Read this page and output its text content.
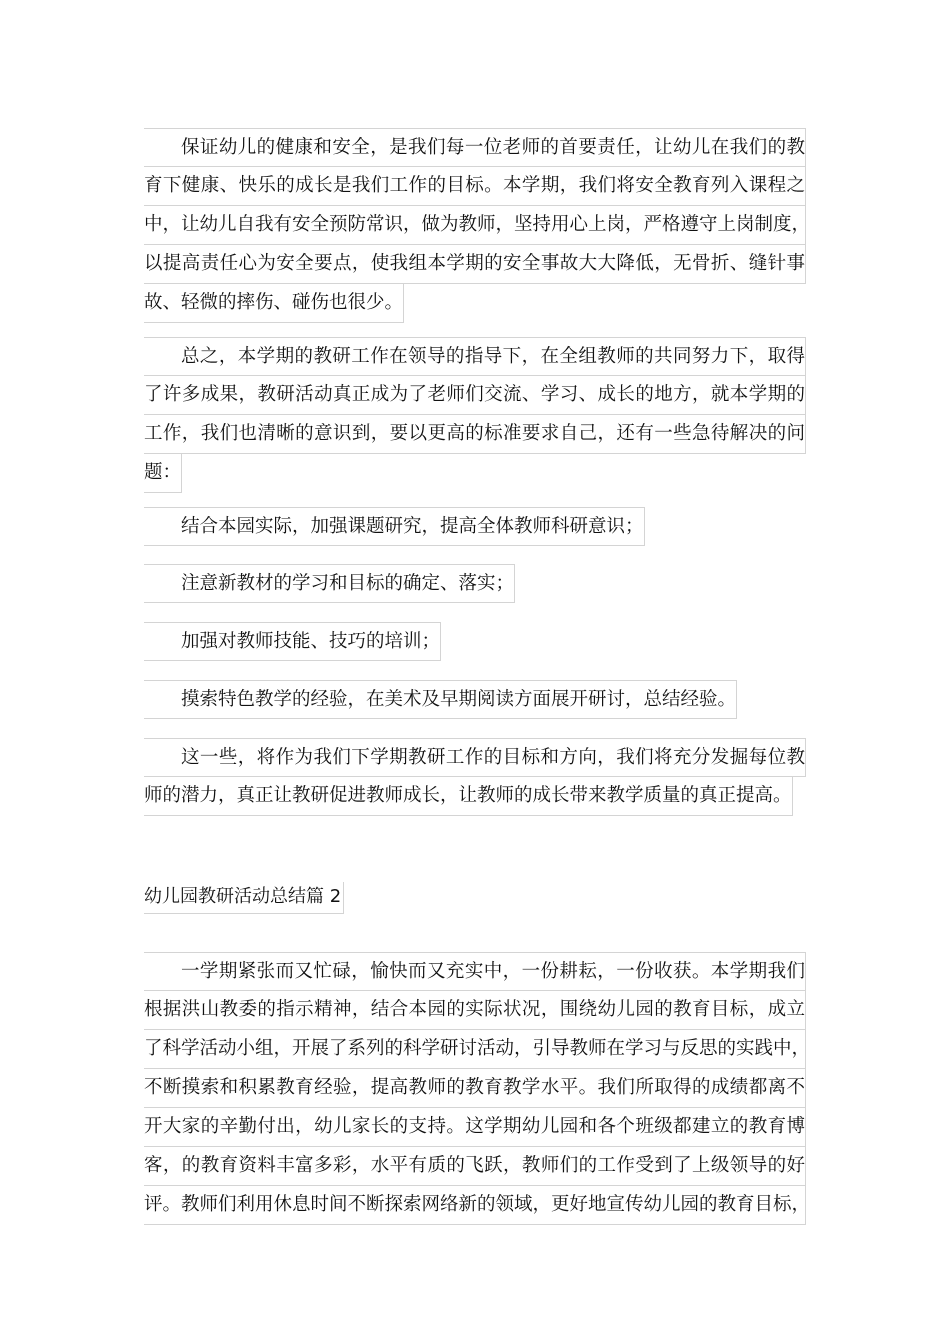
保证幼儿的健康和安全，是我们每一位老师的首要责任，让幼儿在我们的教
育下健康、快乐的成长是我们工作的目标。本学期，我们将安全教育列入课程之
中，让幼儿自我有安全预防常识，做为教师，坚持用心上岗，严格遵守上岗制度，
以提高责任心为安全要点，使我组本学期的安全事故大大降低，无骨折、缝针事
故、轻微的摔伤、碰伤也很少。
总之，本学期的教研工作在领导的指导下，在全组教师的共同努力下，取得
了许多成果，教研活动真正成为了老师们交流、学习、成长的地方，就本学期的
工作，我们也清晰的意识到，要以更高的标准要求自己，还有一些急待解决的问
题：
结合本园实际，加强课题研究，提高全体教师科研意识；
注意新教材的学习和目标的确定、落实；
加强对教师技能、技巧的培训；
摸索特色教学的经验，在美术及早期阅读方面展开研讨，总结经验。
这一些，将作为我们下学期教研工作的目标和方向，我们将充分发掘每位教
师的潜力，真正让教研促进教师成长，让教师的成长带来教学质量的真正提高。
幼儿园教研活动总结篇 2
一学期紧张而又忙碌，愉快而又充实中，一份耕耘，一份收获。本学期我们
根据洪山教委的指示精神，结合本园的实际状况，围绕幼儿园的教育目标，成立
了科学活动小组，开展了系列的科学研讨活动，引导教师在学习与反思的实践中，
不断摸索和积累教育经验，提高教师的教育教学水平。我们所取得的成绩都离不
开大家的辛勤付出，幼儿家长的支持。这学期幼儿园和各个班级都建立的教育博
客，的教育资料丰富多彩，水平有质的飞跃，教师们的工作受到了上级领导的好
评。教师们利用休息时间不断探索网络新的领域，更好地宣传幼儿园的教育目标，
